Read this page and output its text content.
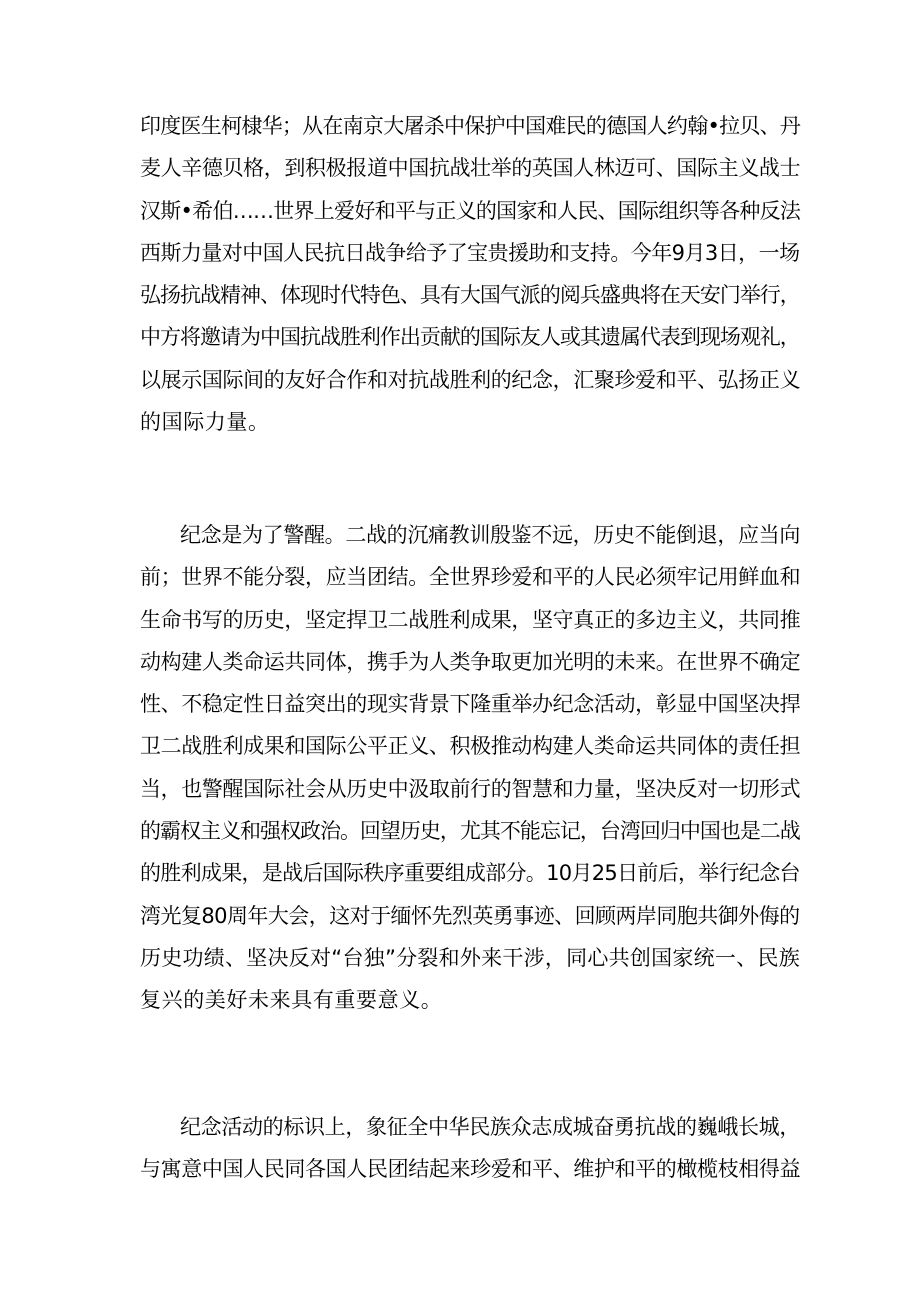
印度医生柯棣华；从在南京大屠杀中保护中国难民的德国人约翰•拉贝、丹
麦人辛德贝格，到积极报道中国抗战壮举的英国人林迈可、国际主义战士
汉斯•希伯……世界上爱好和平与正义的国家和人民、国际组织等各种反法
西斯力量对中国人民抗日战争给予了宝贵援助和支持。今年9月3日，一场
弘扬抗战精神、体现时代特色、具有大国气派的阅兵盛典将在天安门举行，
中方将邀请为中国抗战胜利作出贡献的国际友人或其遗属代表到现场观礼，
以展示国际间的友好合作和对抗战胜利的纪念，汇聚珍爱和平、弘扬正义
的国际力量。
纪念是为了警醒。二战的沉痛教训殷鉴不远，历史不能倒退，应当向
前；世界不能分裂，应当团结。全世界珍爱和平的人民必须牢记用鲜血和
生命书写的历史，坚定捍卫二战胜利成果，坚守真正的多边主义，共同推
动构建人类命运共同体，携手为人类争取更加光明的未来。在世界不确定
性、不稳定性日益突出的现实背景下隆重举办纪念活动，彰显中国坚决捍
卫二战胜利成果和国际公平正义、积极推动构建人类命运共同体的责任担
当，也警醒国际社会从历史中汲取前行的智慧和力量，坚决反对一切形式
的霸权主义和强权政治。回望历史，尤其不能忘记，台湾回归中国也是二战
的胜利成果，是战后国际秩序重要组成部分。10月25日前后，举行纪念台
湾光复80周年大会，这对于缅怀先烈英勇事迹、回顾两岸同胞共御外侮的
历史功绩、坚决反对“台独”分裂和外来干涉，同心共创国家统一、民族
复兴的美好未来具有重要意义。
纪念活动的标识上，象征全中华民族众志成城奋勇抗战的巍峨长城，
与寓意中国人民同各国人民团结起来珍爱和平、维护和平的橄榄枝相得益
